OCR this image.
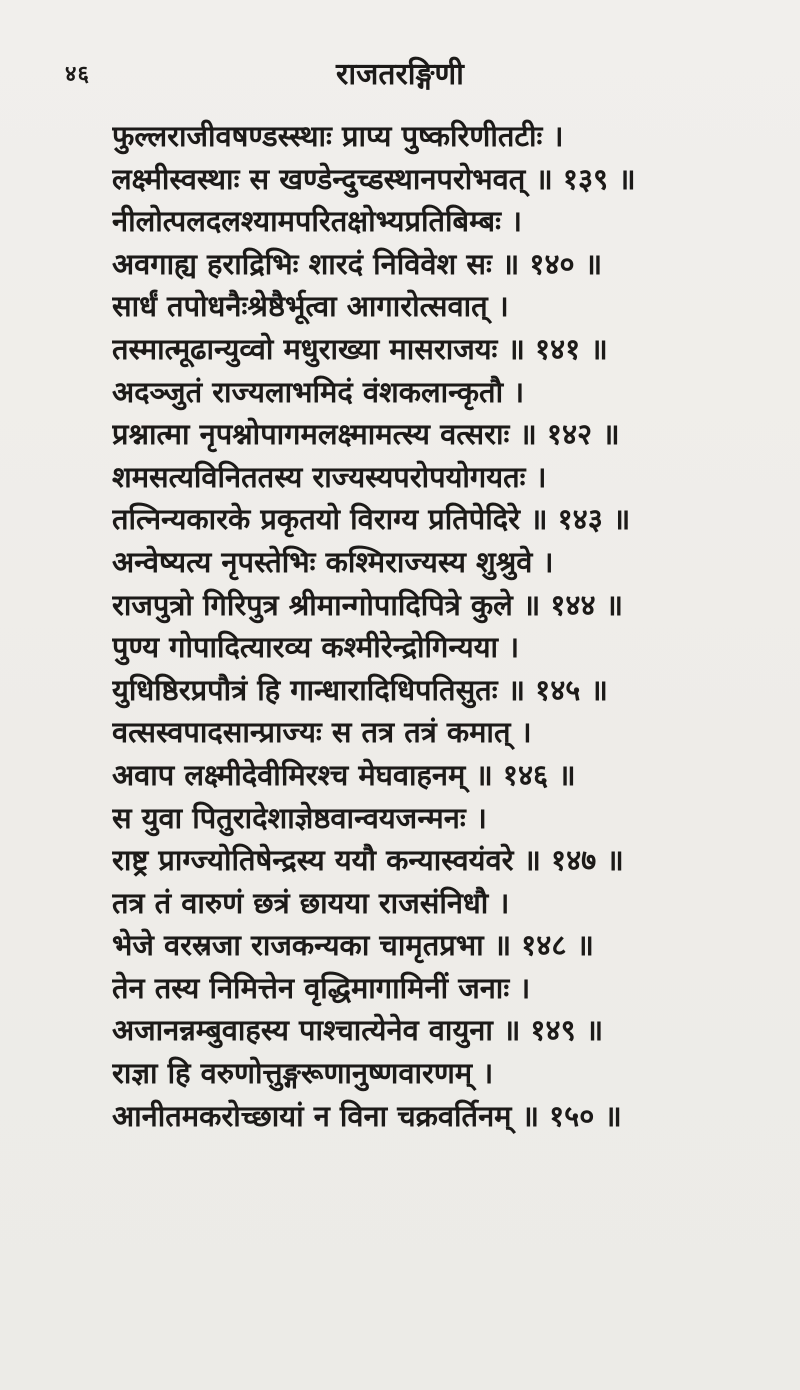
४६	राजतरङ्गिणी
फुल्लराजीवषण्डस्स्थाः प्राप्य पुष्करिणीतटीः ।
लक्ष्मीस्वस्थाः स खण्डेन्दुच्डस्थानपरोभवत् ॥ १३९ ॥
नीलोत्पलदलश्यामपरितक्षोभ्यप्रतिबिम्बः ।
अवगाह्य हराद्रिभिः शारदं निविवेश सः ॥ १४० ॥
सार्धं तपोधनैःश्रेष्ठैर्भूत्वा आगारोत्सवात् ।
तस्मात्मूढान्युव्वो मधुराख्या मासराजयः ॥ १४१ ॥
अदञ्जुतं राज्यलाभमिदं वंशकलान्कृतौ ।
प्रश्नात्मा नृपश्नोपागमलक्ष्मामत्स्य वत्सराः ॥ १४२ ॥
शमसत्यविनिततस्य राज्यस्यपरोपयोगयतः ।
तत्निन्यकारके प्रकृतयो विराग्य प्रतिपेदिरे ॥ १४३ ॥
अन्वेष्यत्य नृपस्तेभिः कश्मिराज्यस्य शुश्रुवे ।
राजपुत्रो गिरिपुत्र श्रीमान्गोपादिपित्रे कुले ॥ १४४ ॥
पुण्य गोपादित्यारव्य कश्मीरेन्द्रोगिन्यया ।
युधिष्ठिरप्रपौत्रं हि गान्धारादिधिपतिसुतः ॥ १४५ ॥
वत्सस्वपादसान्प्राज्यः स तत्र तत्रं कमात् ।
अवाप लक्ष्मीदेवीमिरश्च मेघवाहनम् ॥ १४६ ॥
स युवा पितुरादेशाज्ञेष्ठवान्वयजन्मनः ।
राष्ट्र प्राग्ज्योतिषेन्द्रस्य ययौ कन्यास्वयंवरे ॥ १४७ ॥
तत्र तं वारुणं छत्रं छायया राजसंनिधौ ।
भेजे वरस्रजा राजकन्यका चामृतप्रभा ॥ १४८ ॥
तेन तस्य निमित्तेन वृद्धिमागामिनीं जनाः ।
अजानन्नम्बुवाहस्य पाश्चात्येनेव वायुना ॥ १४९ ॥
राज्ञा हि वरुणोत्तुङ्गरूणानुष्णवारणम् ।
आनीतमकरोच्छायां न विना चक्रवर्तिनम् ॥ १५० ॥
